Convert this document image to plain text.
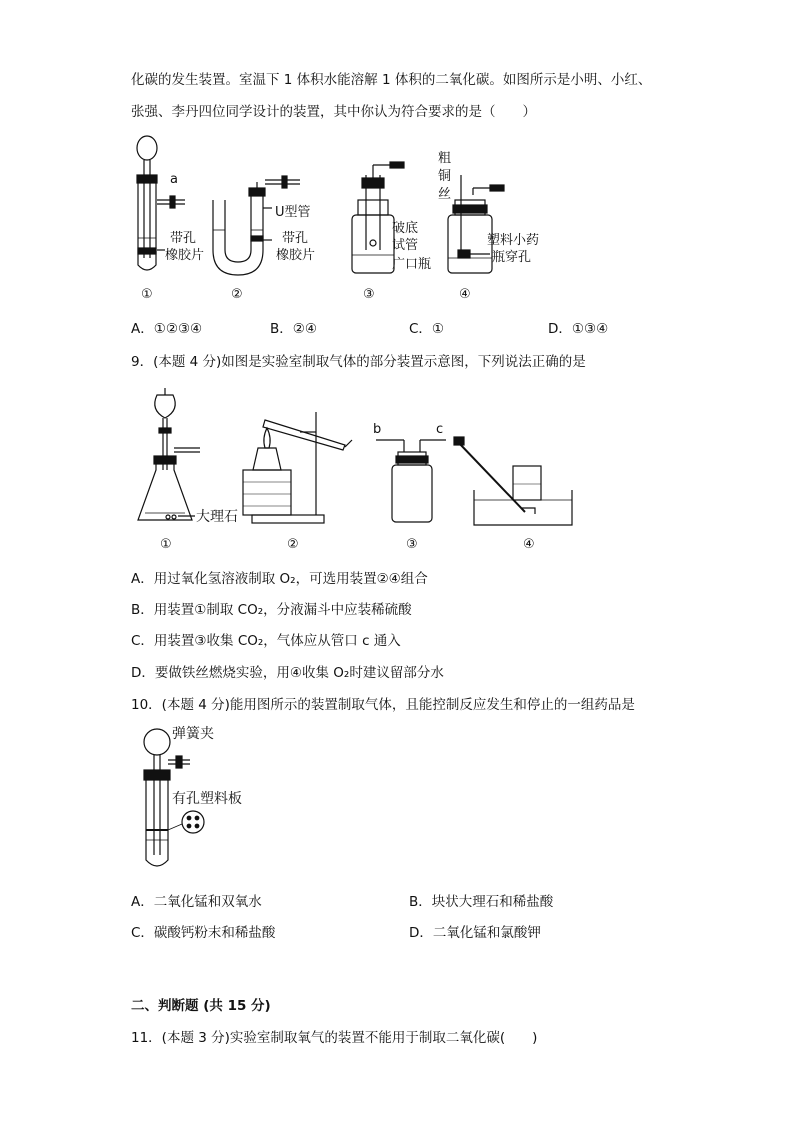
化碳的发生装置。室温下 1 体积水能溶解 1 体积的二氧化碳。如图所示是小明、小红、
张强、李丹四位同学设计的装置，其中你认为符合要求的是（　　）
a
带孔
橡胶片
①
U型管
带孔
橡胶片
②
破底
试管
广口瓶
③
粗
铜
丝
塑料小药
瓶穿孔
④
A．①②③④	B．②④	C．①	D．①③④
9．(本题 4 分)如图是实验室制取气体的部分装置示意图，下列说法正确的是
大理石
①	②
b	c
③	④
A．用过氧化氢溶液制取 O₂，可选用装置②④组合
B．用装置①制取 CO₂，分液漏斗中应装稀硫酸
C．用装置③收集 CO₂，气体应从管口 c 通入
D．要做铁丝燃烧实验，用④收集 O₂时建议留部分水
10．(本题 4 分)能用图所示的装置制取气体，且能控制反应发生和停止的一组药品是
弹簧夹
有孔塑料板
A．二氧化锰和双氧水	B．块状大理石和稀盐酸
C．碳酸钙粉末和稀盐酸	D．二氧化锰和氯酸钾
二、判断题 (共 15 分)
11．(本题 3 分)实验室制取氧气的装置不能用于制取二氧化碳(　　)
